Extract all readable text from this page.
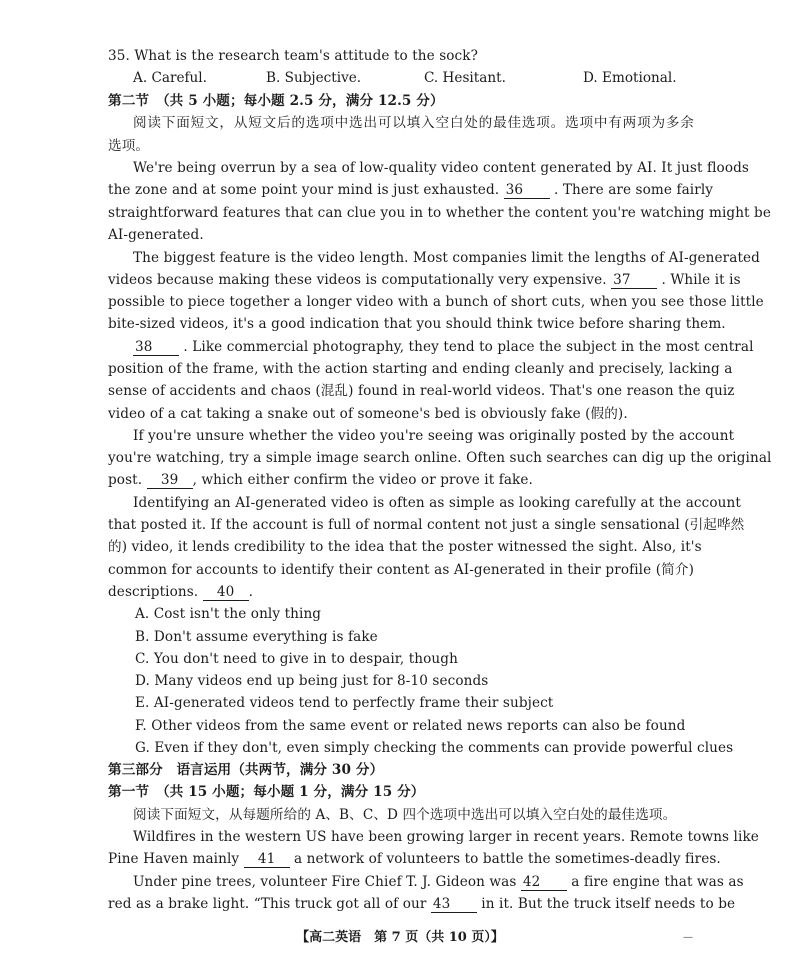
35. What is the research team's attitude to the sock?
A. Careful.	B. Subjective.	C. Hesitant.	D. Emotional.
第二节　（共 5 小题；每小题 2.5 分，满分 12.5 分）
阅读下面短文，从短文后的选项中选出可以填入空白处的最佳选项。选项中有两项为多余
选项。
We're being overrun by a sea of low-quality video content generated by AI. It just floods
the zone and at some point your mind is just exhausted. 36 . There are some fairly
straightforward features that can clue you in to whether the content you're watching might be
AI-generated.
The biggest feature is the video length. Most companies limit the lengths of AI-generated
videos because making these videos is computationally very expensive. 37 . While it is
possible to piece together a longer video with a bunch of short cuts, when you see those little
bite-sized videos, it's a good indication that you should think twice before sharing them.
38 . Like commercial photography, they tend to place the subject in the most central
position of the frame, with the action starting and ending cleanly and precisely, lacking a
sense of accidents and chaos (混乱) found in real-world videos. That's one reason the quiz
video of a cat taking a snake out of someone's bed is obviously fake (假的).
If you're unsure whether the video you're seeing was originally posted by the account
you're watching, try a simple image search online. Often such searches can dig up the original
post. 39 , which either confirm the video or prove it fake.
Identifying an AI-generated video is often as simple as looking carefully at the account
that posted it. If the account is full of normal content not just a single sensational (引起哗然
的) video, it lends credibility to the idea that the poster witnessed the sight. Also, it's
common for accounts to identify their content as AI-generated in their profile (简介)
descriptions. 40 .
A. Cost isn't the only thing
B. Don't assume everything is fake
C. You don't need to give in to despair, though
D. Many videos end up being just for 8-10 seconds
E. AI-generated videos tend to perfectly frame their subject
F. Other videos from the same event or related news reports can also be found
G. Even if they don't, even simply checking the comments can provide powerful clues
第三部分　语言运用（共两节，满分 30 分）
第一节　（共 15 小题；每小题 1 分，满分 15 分）
阅读下面短文，从每题所给的 A、B、C、D 四个选项中选出可以填入空白处的最佳选项。
Wildfires in the western US have been growing larger in recent years. Remote towns like
Pine Haven mainly 41 a network of volunteers to battle the sometimes-deadly fires.
Under pine trees, volunteer Fire Chief T. J. Gideon was 42 a fire engine that was as
red as a brake light. “This truck got all of our 43 in it. But the truck itself needs to be
【高二英语　第 7 页（共 10 页）】	—
